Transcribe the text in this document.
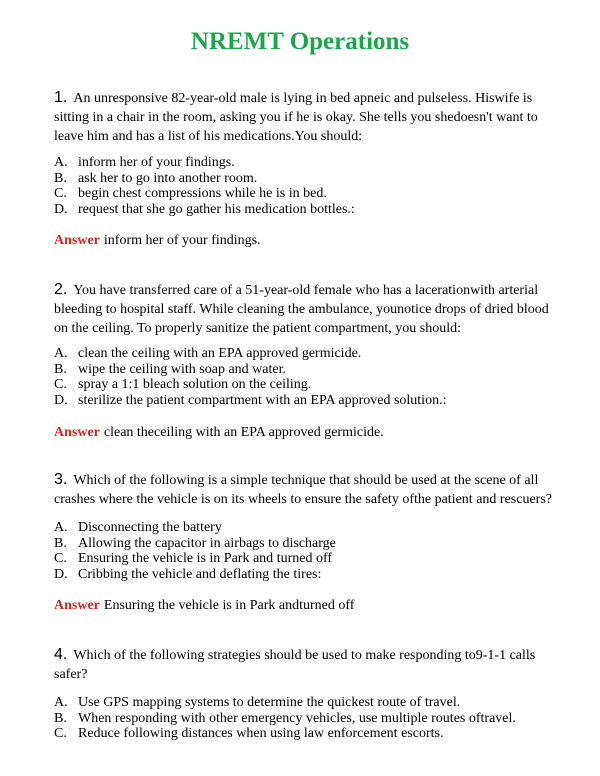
NREMT Operations
1. An unresponsive 82-year-old male is lying in bed apneic and pulseless. Hiswife is sitting in a chair in the room, asking you if he is okay. She tells you shedoesn't want to leave him and has a list of his medications.You should:
A. inform her of your findings.
B. ask her to go into another room.
C. begin chest compressions while he is in bed.
D. request that she go gather his medication bottles.:
Answer inform her of your findings.
2. You have transferred care of a 51-year-old female who has a lacerationwith arterial bleeding to hospital staff. While cleaning the ambulance, younotice drops of dried blood on the ceiling. To properly sanitize the patient compartment, you should:
A. clean the ceiling with an EPA approved germicide.
B. wipe the ceiling with soap and water.
C. spray a 1:1 bleach solution on the ceiling.
D. sterilize the patient compartment with an EPA approved solution.:
Answer clean theceiling with an EPA approved germicide.
3. Which of the following is a simple technique that should be used at the scene of all crashes where the vehicle is on its wheels to ensure the safety ofthe patient and rescuers?
A. Disconnecting the battery
B. Allowing the capacitor in airbags to discharge
C. Ensuring the vehicle is in Park and turned off
D. Cribbing the vehicle and deflating the tires:
Answer Ensuring the vehicle is in Park andturned off
4. Which of the following strategies should be used to make responding to9-1-1 calls safer?
A. Use GPS mapping systems to determine the quickest route of travel.
B. When responding with other emergency vehicles, use multiple routes oftravel.
C. Reduce following distances when using law enforcement escorts.
